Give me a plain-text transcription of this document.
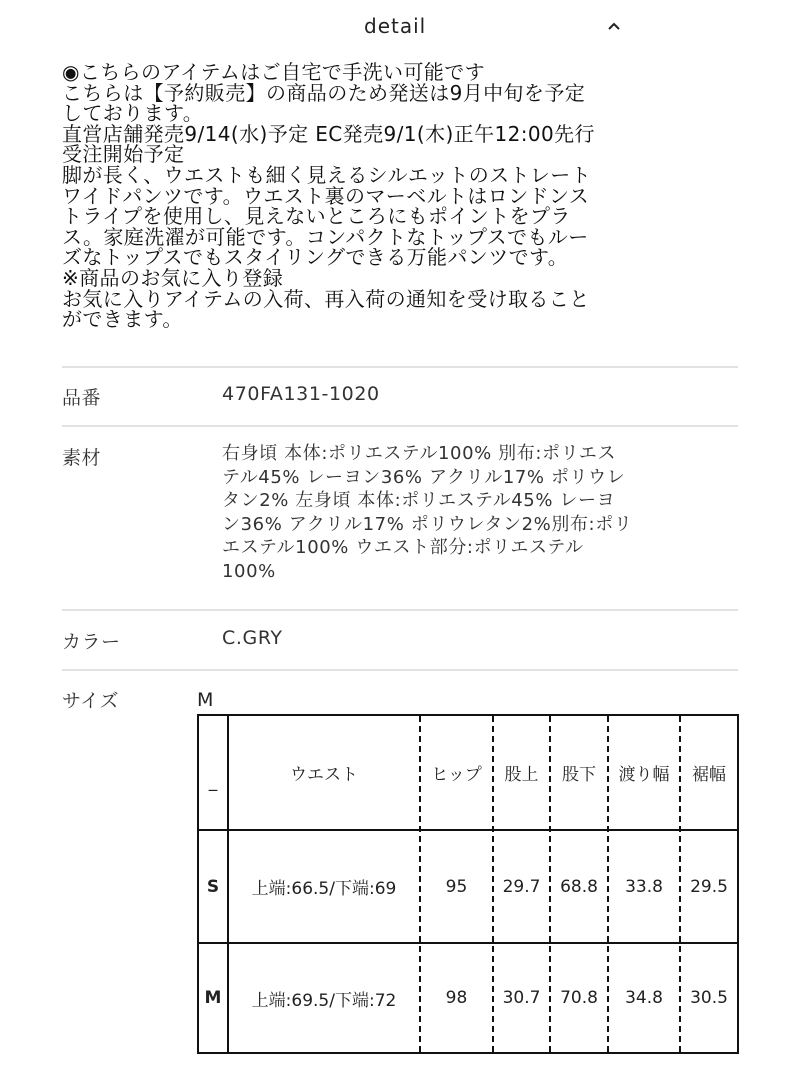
detail
◉こちらのアイテムはご自宅で手洗い可能です
こちらは【予約販売】の商品のため発送は9月中旬を予定
しております。
直営店舗発売9/14(水)予定 EC発売9/1(木)正午12:00先行
受注開始予定
脚が長く、ウエストも細く見えるシルエットのストレート
ワイドパンツです。ウエスト裏のマーベルトはロンドンス
トライプを使用し、見えないところにもポイントをプラ
ス。家庭洗濯が可能です。コンパクトなトップスでもルー
ズなトップスでもスタイリングできる万能パンツです。
※商品のお気に入り登録
お気に入りアイテムの入荷、再入荷の通知を受け取ること
ができます。
品番	470FA131-1020
素材	右身頃 本体:ポリエステル100% 別布:ポリエス
テル45% レーヨン36% アクリル17% ポリウレ
タン2% 左身頃 本体:ポリエステル45% レーヨ
ン36% アクリル17% ポリウレタン2%別布:ポリ
エステル100% ウエスト部分:ポリエステル
100%
カラー	C.GRY
サイズ	M
_	ウエスト	ヒップ	股上	股下	渡り幅	裾幅
S	上端:66.5/下端:69	95	29.7	68.8	33.8	29.5
M	上端:69.5/下端:72	98	30.7	70.8	34.8	30.5
